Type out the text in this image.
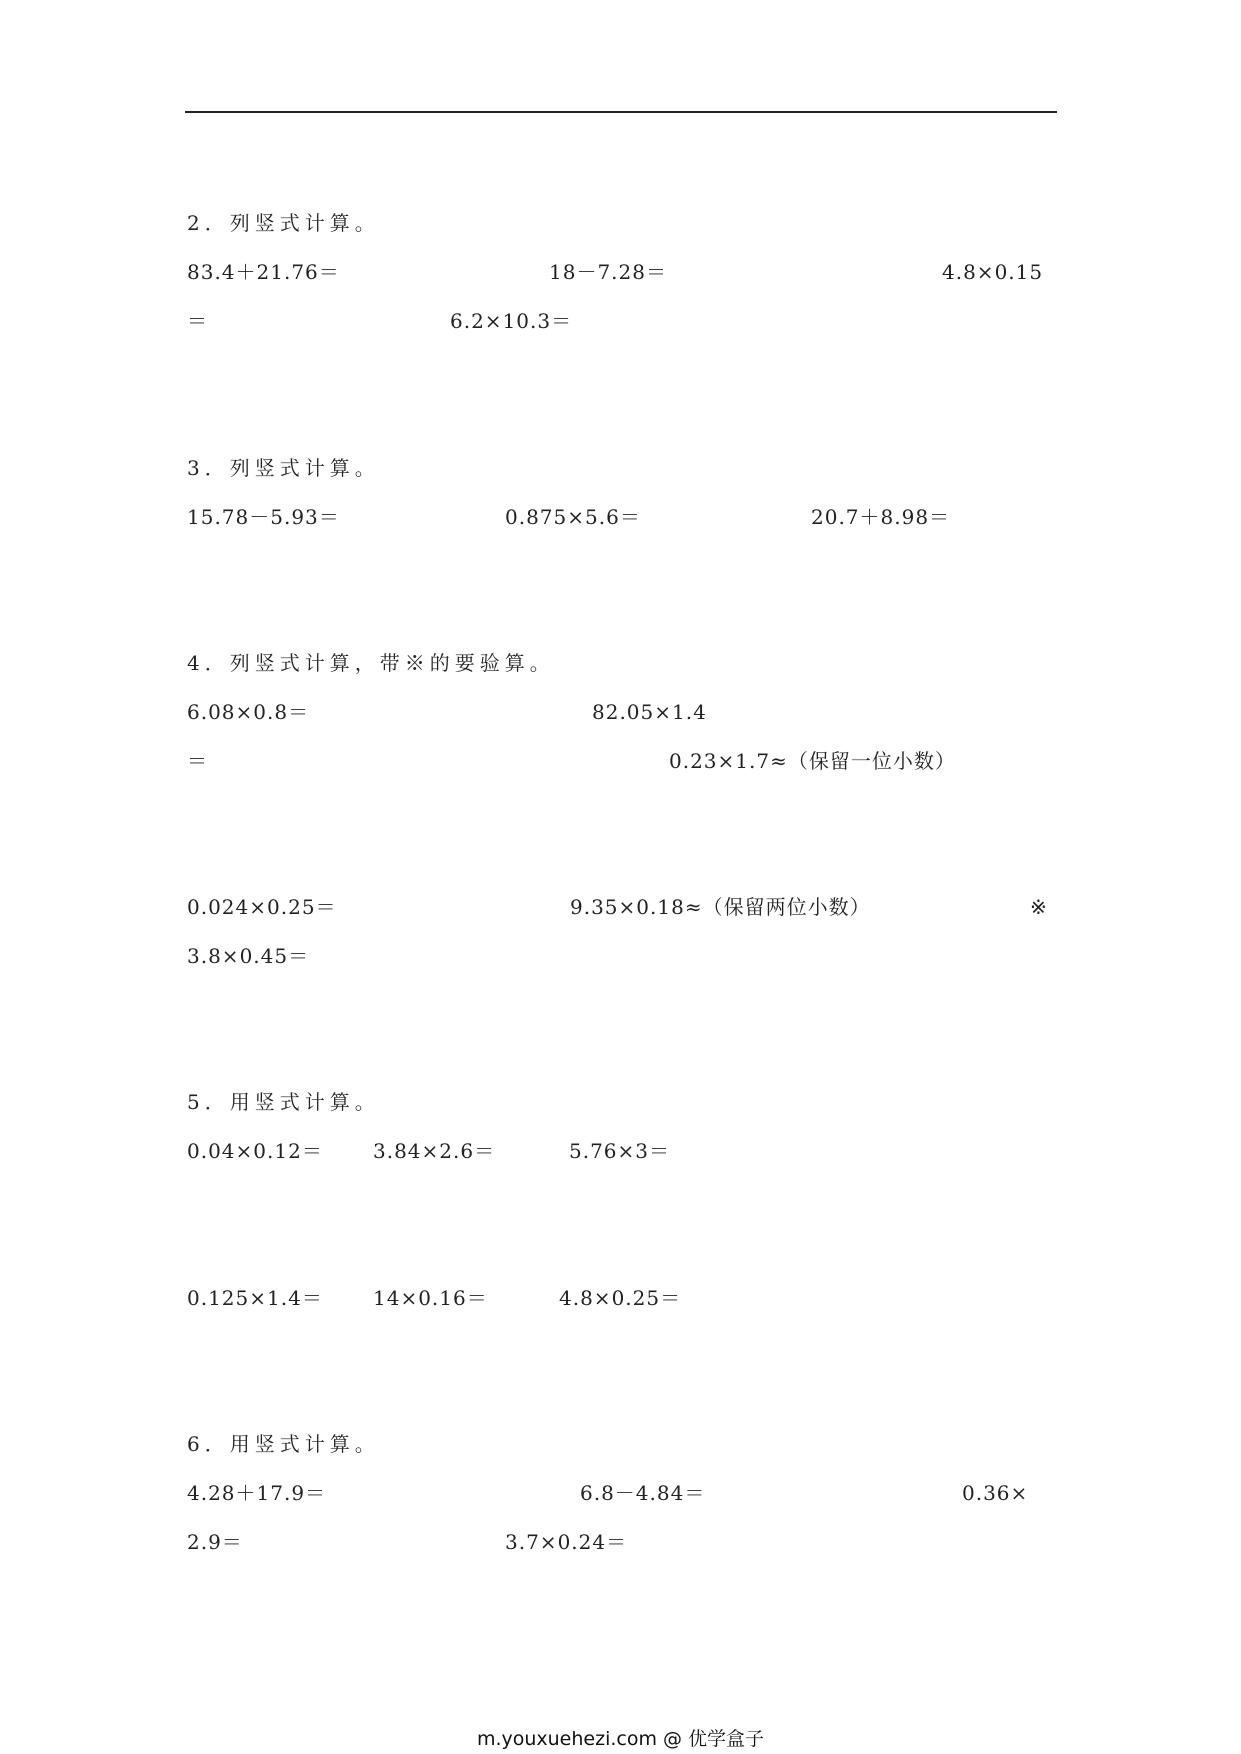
2．列竖式计算。
83.4＋21.76＝	18－7.28＝	4.8×0.15
＝	6.2×10.3＝
3．列竖式计算。
15.78－5.93＝	0.875×5.6＝	20.7＋8.98＝
4．列竖式计算，带※的要验算。
6.08×0.8＝	82.05×1.4
＝	0.23×1.7≈（保留一位小数）
0.024×0.25＝	9.35×0.18≈（保留两位小数）	※
3.8×0.45＝
5．用竖式计算。
0.04×0.12＝	3.84×2.6＝	5.76×3＝
0.125×1.4＝	14×0.16＝	4.8×0.25＝
6．用竖式计算。
4.28＋17.9＝	6.8－4.84＝	0.36×
2.9＝	3.7×0.24＝
m.youxuehezi.com @ 优学盒子
